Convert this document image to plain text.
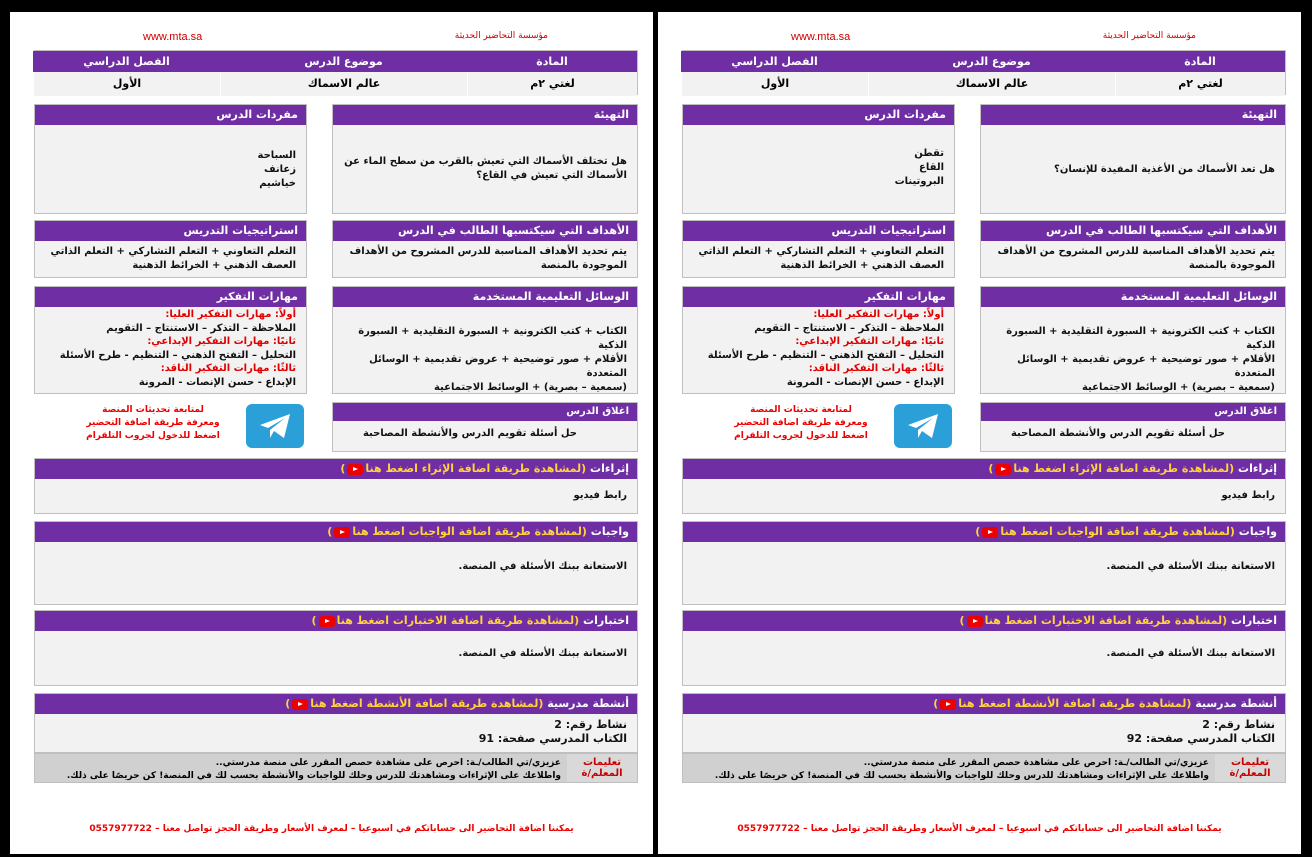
www.mta.sa	مؤسسة التحاضير الحديثة
المادة
موضوع الدرس
الفصل الدراسي
لغتي ٢م
عالم الاسماك
الأول
التهيئة
هل تختلف الأسماك التي تعيش بالقرب من سطح الماء عن الأسماك التي تعيش في القاع؟
مفردات الدرس
السباحة
زعانف
خياشيم
الأهداف التي سيكتسبها الطالب في الدرس
يتم تحديد الأهداف المناسبة للدرس المشروح من الأهداف الموجودة بالمنصة
استراتيجيات التدريس
التعلم التعاوني + التعلم التشاركي + التعلم الذاتي
العصف الذهني + الخرائط الذهنية
الوسائل التعليمية المستخدمة
الكتاب + كتب الكترونية + السبورة التقليدية + السبورة الذكية
الأقلام + صور توضيحية + عروض تقديمية + الوسائل المتعددة
(سمعية – بصرية) + الوسائط الاجتماعية
مهارات التفكير
أولاً: مهارات التفكير العليا:
الملاحظة – التذكر – الاستنتاج – التقويم
ثانيًا: مهارات التفكير الإبداعي:
التحليل – التفتح الذهني – التنظيم - طرح الأسئلة
ثالثًا: مهارات التفكير الناقد:
الإبداع - حسن الإنصات - المرونة
لمتابعة تحديثات المنصة
ومعرفة طريقة اضافة التحضير
اضغط للدخول لجروب التلقرام
اغلاق الدرس
حل أسئلة تقويم الدرس والأنشطة المصاحبة
إثراءات (لمشاهدة طريقة اضافة الإثراء اضغط هنا)
رابط فيديو
واجبات (لمشاهدة طريقة اضافة الواجبات اضغط هنا)
الاستعانة ببنك الأسئلة في المنصة.
اختبارات (لمشاهدة طريقة اضافة الاختبارات اضغط هنا)
الاستعانة ببنك الأسئلة في المنصة.
أنشطة مدرسية (لمشاهدة طريقة اضافة الأنشطة اضغط هنا)
نشاط رقم: 2
الكتاب المدرسي صفحة: 91
تعليمات المعلم/ة
عزيزي/تي الطالب/ـة: احرص على مشاهدة حصص المقرر على منصة مدرستي..
واطلاعك على الإثراءات ومشاهدتك للدرس وحلك للواجبات والأنشطة بحسب لك في المنصة! كن حريصًا على ذلك.
يمكننا اضافة التحاضير الى حساباتكم في اسبوعيا – لمعرف الأسعار وطريقة الحجز تواصل معنا – 0557977722
www.mta.sa	مؤسسة التحاضير الحديثة
المادة
موضوع الدرس
الفصل الدراسي
لغتي ٢م
عالم الاسماك
الأول
التهيئة
هل تعد الأسماك من الأغذية المفيدة للإنسان؟
مفردات الدرس
تقطن
القاع
البروتينات
الأهداف التي سيكتسبها الطالب في الدرس
يتم تحديد الأهداف المناسبة للدرس المشروح من الأهداف الموجودة بالمنصة
استراتيجيات التدريس
التعلم التعاوني + التعلم التشاركي + التعلم الذاتي
العصف الذهني + الخرائط الذهنية
الوسائل التعليمية المستخدمة
الكتاب + كتب الكترونية + السبورة التقليدية + السبورة الذكية
الأقلام + صور توضيحية + عروض تقديمية + الوسائل المتعددة
(سمعية – بصرية) + الوسائط الاجتماعية
مهارات التفكير
أولاً: مهارات التفكير العليا:
الملاحظة – التذكر – الاستنتاج – التقويم
ثانيًا: مهارات التفكير الإبداعي:
التحليل – التفتح الذهني – التنظيم - طرح الأسئلة
ثالثًا: مهارات التفكير الناقد:
الإبداع - حسن الإنصات - المرونة
لمتابعة تحديثات المنصة
ومعرفة طريقة اضافة التحضير
اضغط للدخول لجروب التلقرام
اغلاق الدرس
حل أسئلة تقويم الدرس والأنشطة المصاحبة
إثراءات (لمشاهدة طريقة اضافة الإثراء اضغط هنا)
رابط فيديو
واجبات (لمشاهدة طريقة اضافة الواجبات اضغط هنا)
الاستعانة ببنك الأسئلة في المنصة.
اختبارات (لمشاهدة طريقة اضافة الاختبارات اضغط هنا)
الاستعانة ببنك الأسئلة في المنصة.
أنشطة مدرسية (لمشاهدة طريقة اضافة الأنشطة اضغط هنا)
نشاط رقم: 2
الكتاب المدرسي صفحة: 92
تعليمات المعلم/ة
عزيزي/تي الطالب/ـة: احرص على مشاهدة حصص المقرر على منصة مدرستي..
واطلاعك على الإثراءات ومشاهدتك للدرس وحلك للواجبات والأنشطة بحسب لك في المنصة! كن حريصًا على ذلك.
يمكننا اضافة التحاضير الى حساباتكم في اسبوعيا – لمعرف الأسعار وطريقة الحجز تواصل معنا – 0557977722
